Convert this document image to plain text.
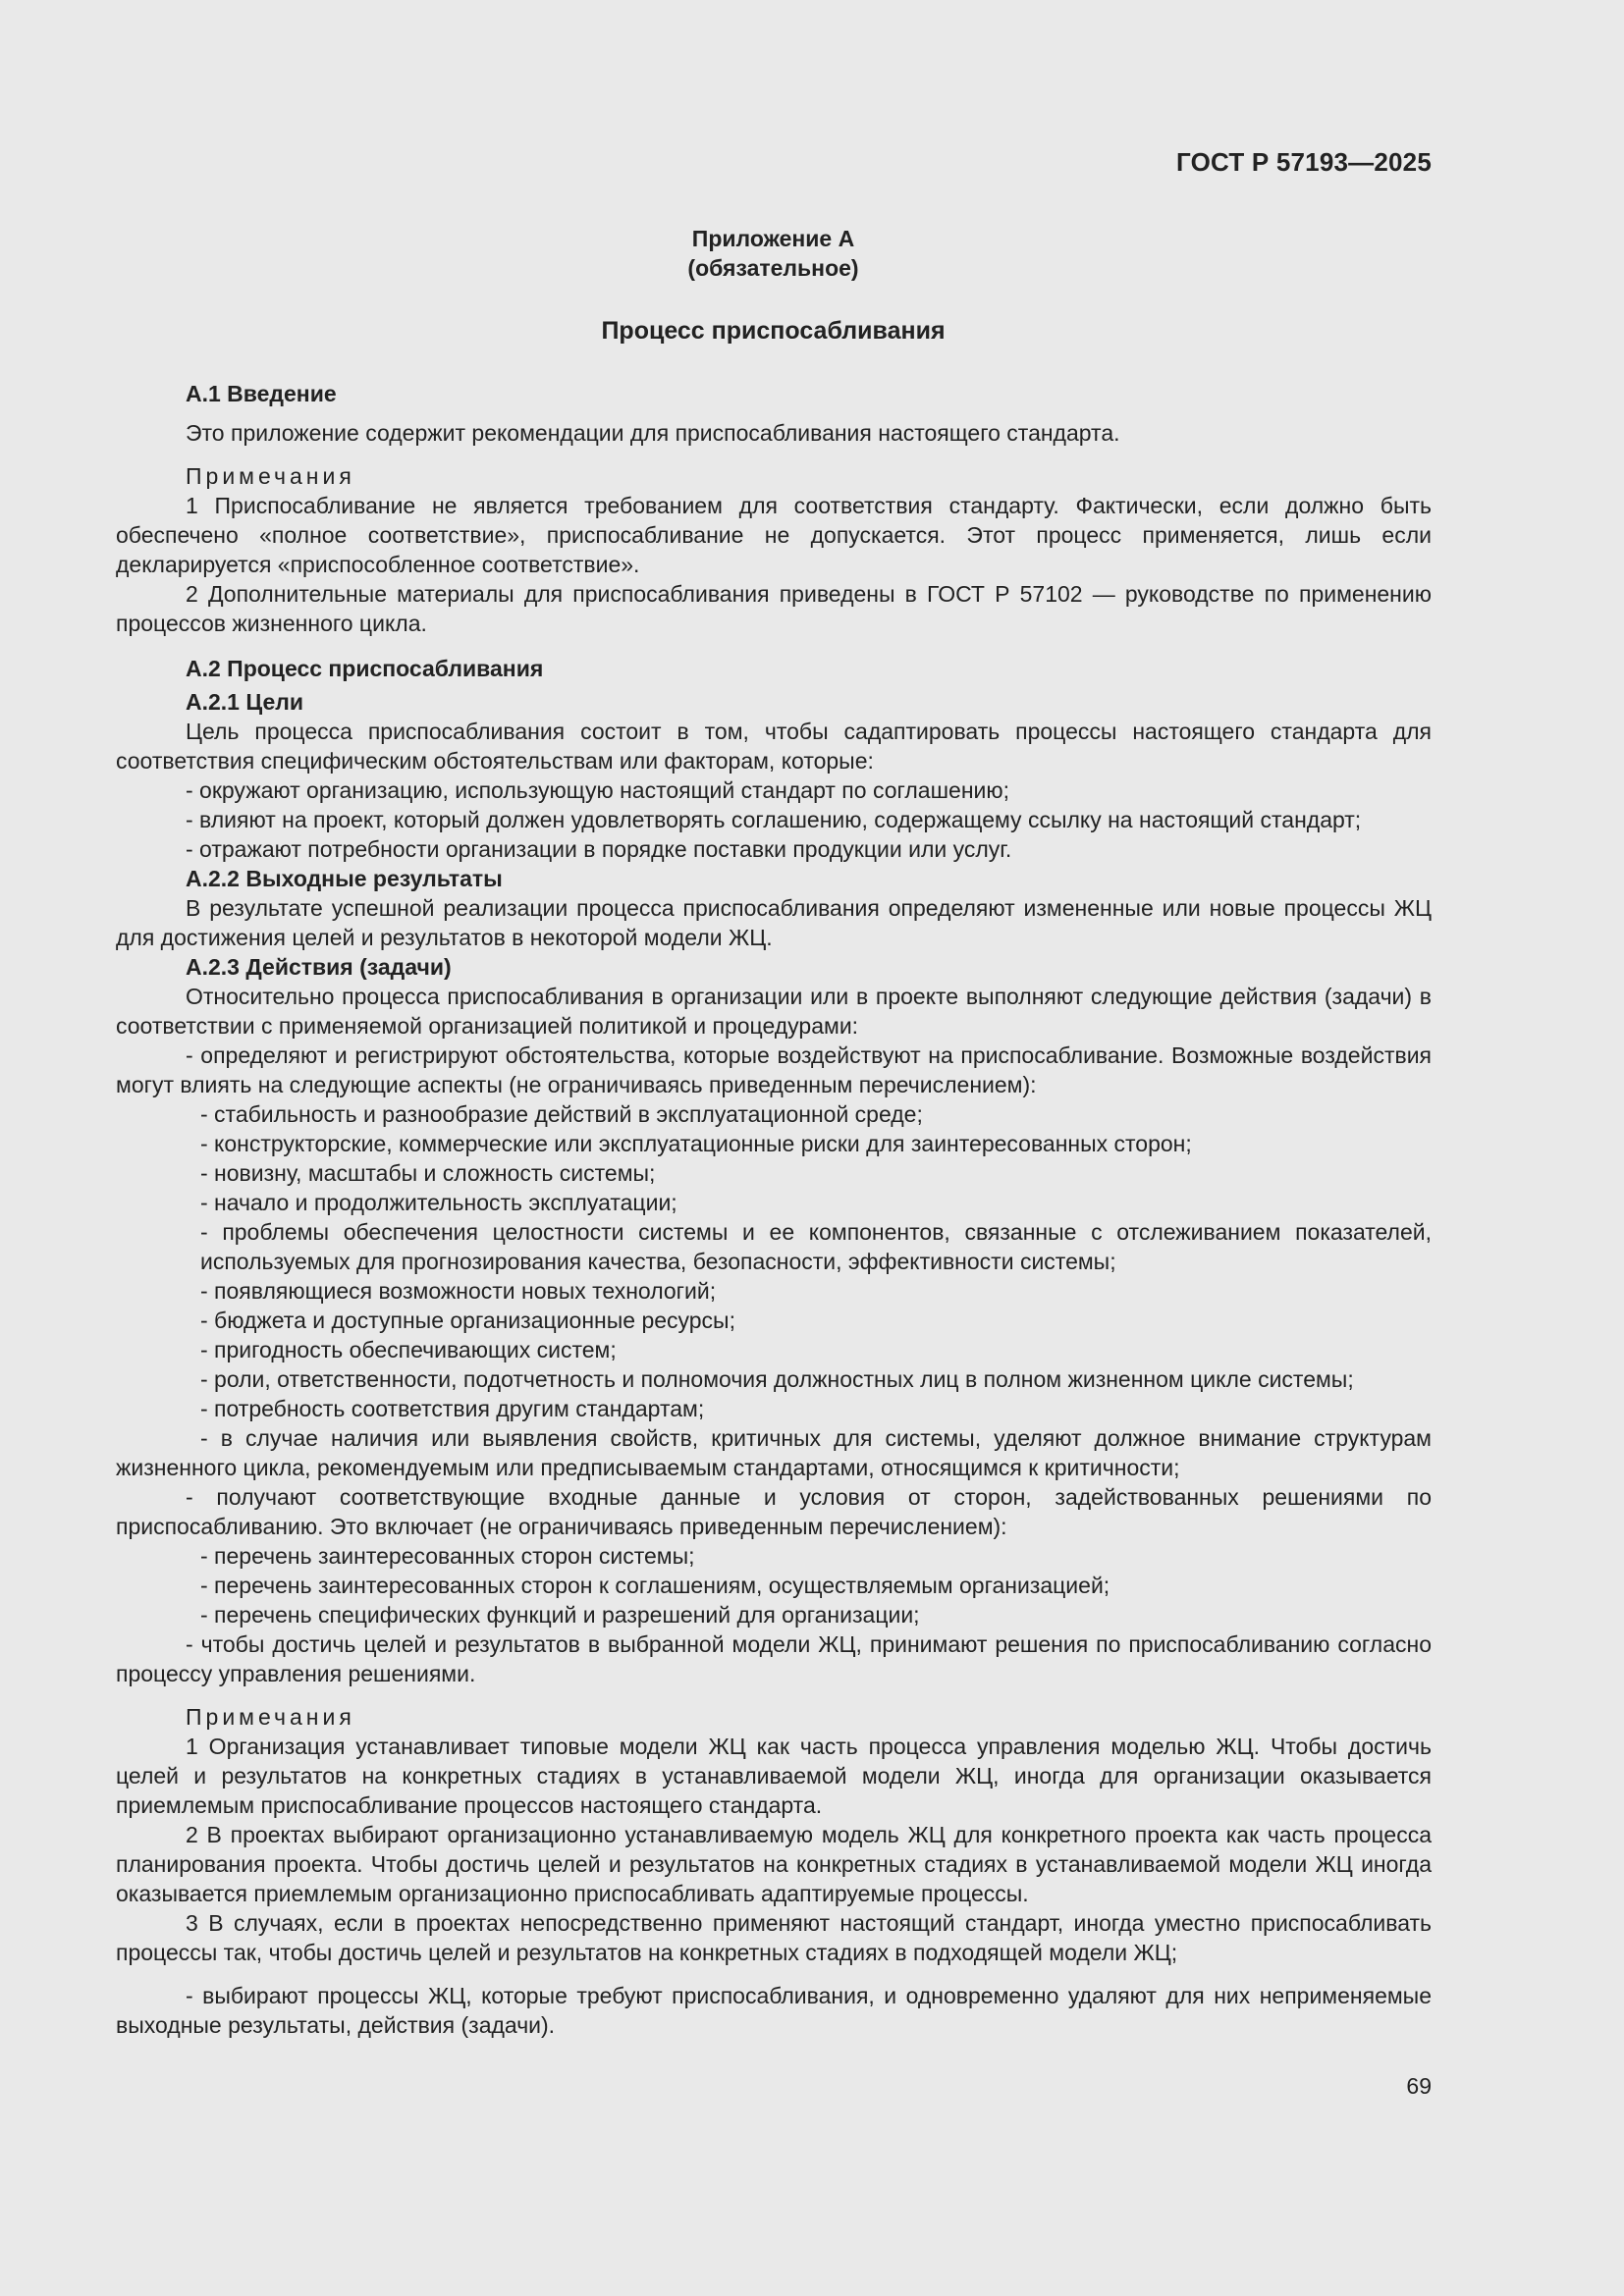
ГОСТ Р 57193—2025
Приложение А
(обязательное)
Процесс приспосабливания

А.1 Введение

Это приложение содержит рекомендации для приспосабливания настоящего стандарта.

Примечания

1 Приспосабливание не является требованием для соответствия стандарту. Фактически, если должно быть обеспечено «полное соответствие», приспосабливание не допускается. Этот процесс применяется, лишь если декларируется «приспособленное соответствие».

2 Дополнительные материалы для приспосабливания приведены в ГОСТ Р 57102 — руководстве по применению процессов жизненного цикла.

А.2 Процесс приспосабливания

А.2.1 Цели

Цель процесса приспосабливания состоит в том, чтобы садаптировать процессы настоящего стандарта для соответствия специфическим обстоятельствам или факторам, которые:

- окружают организацию, использующую настоящий стандарт по соглашению;

- влияют на проект, который должен удовлетворять соглашению, содержащему ссылку на настоящий стандарт;

- отражают потребности организации в порядке поставки продукции или услуг.

А.2.2 Выходные результаты

В результате успешной реализации процесса приспосабливания определяют измененные или новые процессы ЖЦ для достижения целей и результатов в некоторой модели ЖЦ.

А.2.3 Действия (задачи)

Относительно процесса приспосабливания в организации или в проекте выполняют следующие действия (задачи) в соответствии с применяемой организацией политикой и процедурами:

- определяют и регистрируют обстоятельства, которые воздействуют на приспосабливание. Возможные воздействия могут влиять на следующие аспекты (не ограничиваясь приведенным перечислением):

- стабильность и разнообразие действий в эксплуатационной среде;

- конструкторские, коммерческие или эксплуатационные риски для заинтересованных сторон;

- новизну, масштабы и сложность системы;

- начало и продолжительность эксплуатации;

- проблемы обеспечения целостности системы и ее компонентов, связанные с отслеживанием показателей, используемых для прогнозирования качества, безопасности, эффективности системы;

- появляющиеся возможности новых технологий;

- бюджета и доступные организационные ресурсы;

- пригодность обеспечивающих систем;

- роли, ответственности, подотчетность и полномочия должностных лиц в полном жизненном цикле системы;

- потребность соответствия другим стандартам;

- в случае наличия или выявления свойств, критичных для системы, уделяют должное внимание структурам жизненного цикла, рекомендуемым или предписываемым стандартами, относящимся к критичности;

- получают соответствующие входные данные и условия от сторон, задействованных решениями по приспосабливанию. Это включает (не ограничиваясь приведенным перечислением):

- перечень заинтересованных сторон системы;

- перечень заинтересованных сторон к соглашениям, осуществляемым организацией;

- перечень специфических функций и разрешений для организации;

- чтобы достичь целей и результатов в выбранной модели ЖЦ, принимают решения по приспосабливанию согласно процессу управления решениями.

Примечания

1 Организация устанавливает типовые модели ЖЦ как часть процесса управления моделью ЖЦ. Чтобы достичь целей и результатов на конкретных стадиях в устанавливаемой модели ЖЦ, иногда для организации оказывается приемлемым приспосабливание процессов настоящего стандарта.

2 В проектах выбирают организационно устанавливаемую модель ЖЦ для конкретного проекта как часть процесса планирования проекта. Чтобы достичь целей и результатов на конкретных стадиях в устанавливаемой модели ЖЦ иногда оказывается приемлемым организационно приспосабливать адаптируемые процессы.

3 В случаях, если в проектах непосредственно применяют настоящий стандарт, иногда уместно приспосабливать процессы так, чтобы достичь целей и результатов на конкретных стадиях в подходящей модели ЖЦ;

- выбирают процессы ЖЦ, которые требуют приспосабливания, и одновременно удаляют для них неприменяемые выходные результаты, действия (задачи).

69
